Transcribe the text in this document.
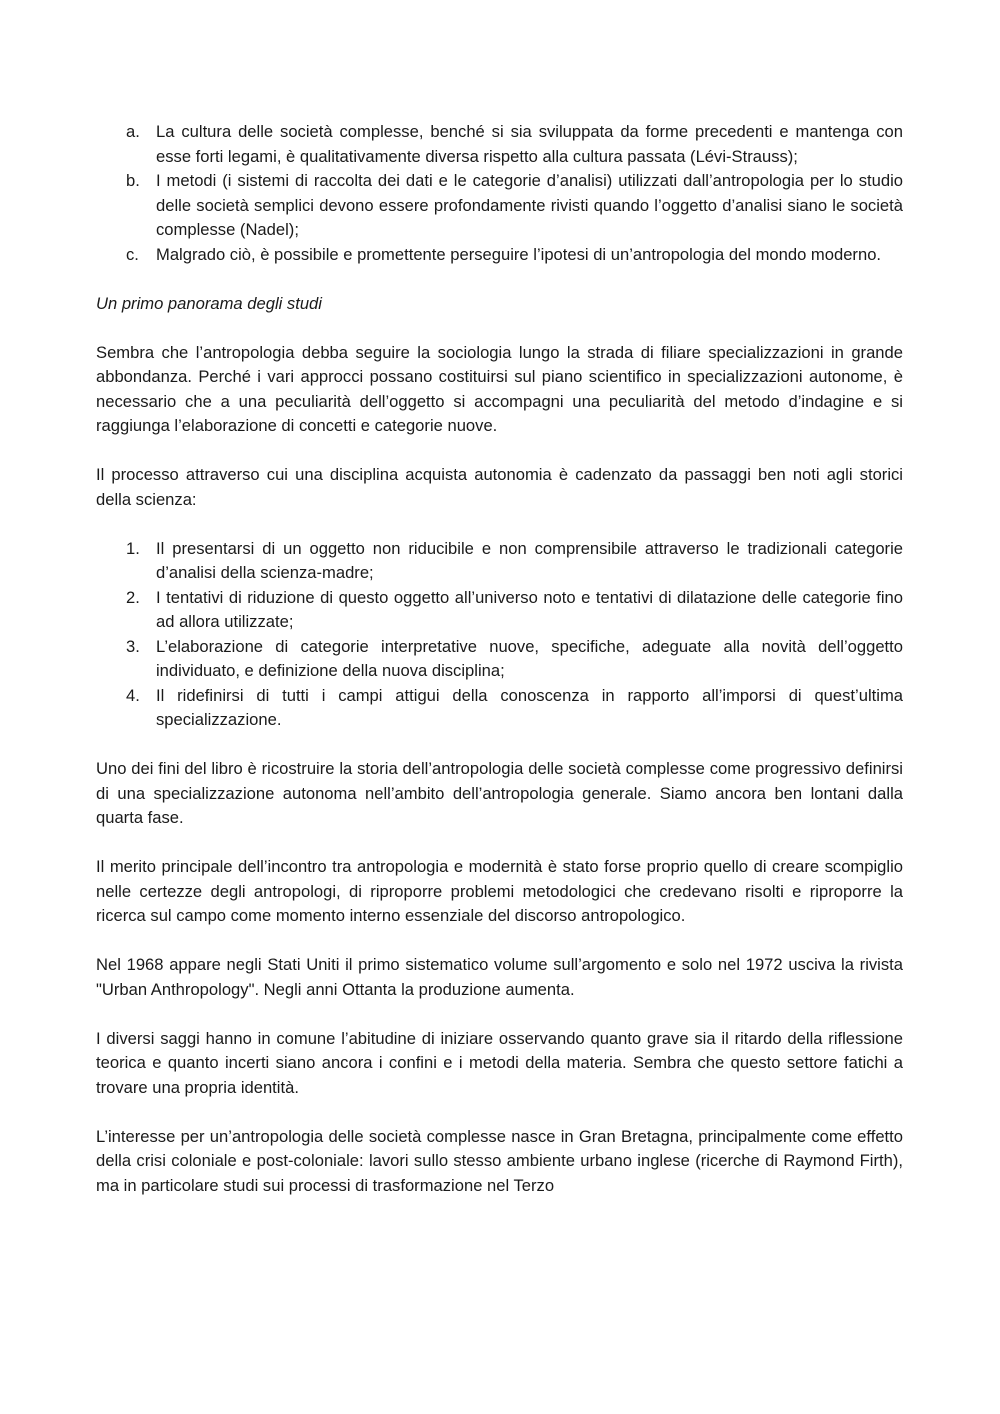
a. La cultura delle società complesse, benché si sia sviluppata da forme precedenti e mantenga con esse forti legami, è qualitativamente diversa rispetto alla cultura passata (Lévi-Strauss);
b. I metodi (i sistemi di raccolta dei dati e le categorie d’analisi) utilizzati dall’antropologia per lo studio delle società semplici devono essere profondamente rivisti quando l’oggetto d’analisi siano le società complesse (Nadel);
c.	Malgrado ciò, è possibile e promettente perseguire l’ipotesi di un’antropologia del mondo moderno.

Un primo panorama degli studi

Sembra che l’antropologia debba seguire la sociologia lungo la strada di filiare specializzazioni in grande abbondanza. Perché i vari approcci possano costituirsi sul piano scientifico in specializzazioni autonome, è necessario che a una peculiarità dell’oggetto si accompagni una peculiarità del metodo d’indagine e si raggiunga l’elaborazione di concetti e categorie nuove.

Il processo attraverso cui una disciplina acquista autonomia è cadenzato da passaggi ben noti agli storici della scienza:

1. Il presentarsi di un oggetto non riducibile e non comprensibile attraverso le tradizionali categorie d’analisi della scienza-madre;
2. I tentativi di riduzione di questo oggetto all’universo noto e tentativi di dilatazione delle categorie fino ad allora utilizzate;
3. L’elaborazione di categorie interpretative nuove, specifiche, adeguate alla novità dell’oggetto individuato, e definizione della nuova disciplina;
4. Il ridefinirsi di tutti i campi attigui della conoscenza in rapporto all’imporsi di quest’ultima specializzazione.

Uno dei fini del libro è ricostruire la storia dell’antropologia delle società complesse come progressivo definirsi di una specializzazione autonoma nell’ambito dell’antropologia generale. Siamo ancora ben lontani dalla quarta fase.

Il merito principale dell’incontro tra antropologia e modernità è stato forse proprio quello di creare scompiglio nelle certezze degli antropologi, di riproporre problemi metodologici che credevano risolti e riproporre la ricerca sul campo come momento interno essenziale del discorso antropologico.

Nel 1968 appare negli Stati Uniti il primo sistematico volume sull’argomento e solo nel 1972 usciva la rivista "Urban Anthropology". Negli anni Ottanta la produzione aumenta.

I diversi saggi hanno in comune l’abitudine di iniziare osservando quanto grave sia il ritardo della riflessione teorica e quanto incerti siano ancora i confini e i metodi della materia. Sembra che questo settore fatichi a trovare una propria identità.

L’interesse per un’antropologia delle società complesse nasce in Gran Bretagna, principalmente come effetto della crisi coloniale e post-coloniale: lavori sullo stesso ambiente urbano inglese (ricerche di Raymond Firth), ma in particolare studi sui processi di trasformazione nel Terzo
